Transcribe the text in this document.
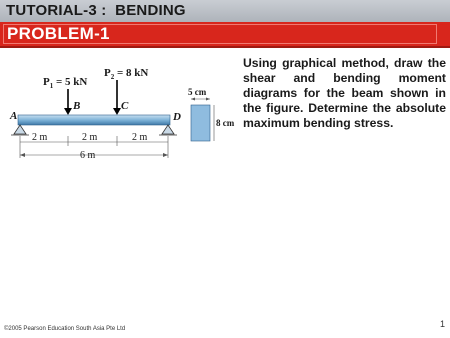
TUTORIAL-3 :  BENDING
PROBLEM-1
$P_2 = 8$ kN
$P_1 = 5$ kN
A
B	C
D
2 m	2 m	2 m
6 m
5 cm
8 cm
Using graphical method, draw the shear and bending moment diagrams for the beam shown in the figure. Determine the absolute maximum bending stress.
©2005 Pearson Education South Asia Pte Ltd	1
